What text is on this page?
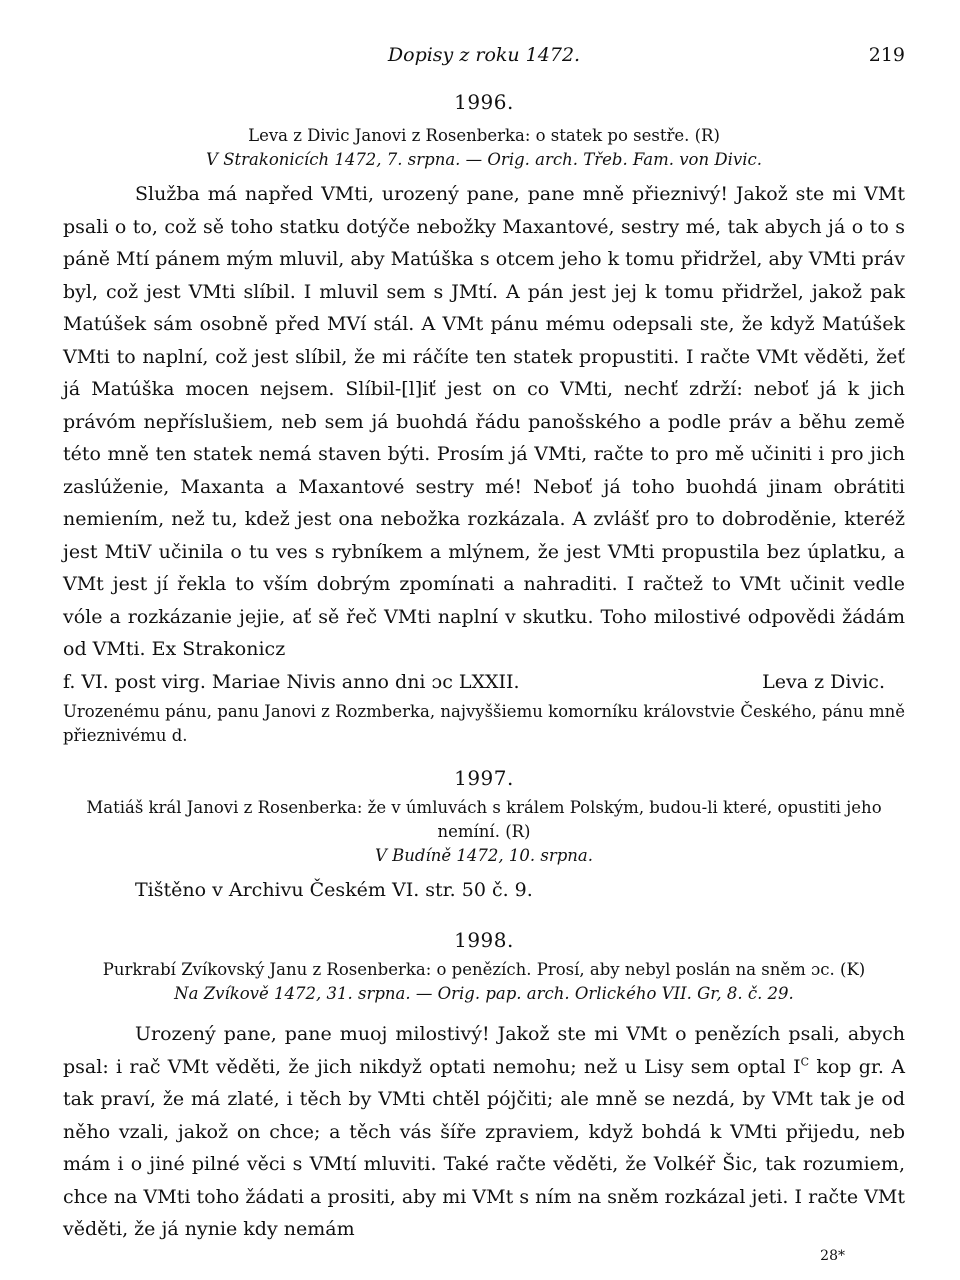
Dopisy z roku 1472.	219
1996.
Leva z Divic Janovi z Rosenberka: o statek po sestře. (R)
V Strakonicích 1472, 7. srpna. — Orig. arch. Třeb. Fam. von Divic.

Služba má napřed VMti, urozený pane, pane mně přieznivý! Jakož ste mi VMt psali o to, což sě toho statku dotýče nebožky Maxantové, sestry mé, tak abych já o to s páně Mtí pánem mým mluvil, aby Matúška s otcem jeho k tomu přidržel, aby VMti práv byl, což jest VMti slíbil. I mluvil sem s JMtí. A pán jest jej k tomu přidržel, jakož pak Matúšek sám osobně před MVí stál. A VMt pánu mému odepsali ste, že když Matúšek VMti to naplní, což jest slíbil, že mi ráčíte ten statek propustiti. I račte VMt věděti, žeť já Matúška mocen nejsem. Slíbil-[l]iť jest on co VMti, nechť zdrží: neboť já k jich právóm nepříslušiem, neb sem já buohdá řádu panošského a podle práv a běhu země této mně ten statek nemá staven býti. Prosím já VMti, račte to pro mě učiniti i pro jich zaslúženie, Maxanta a Maxantové sestry mé! Neboť já toho buohdá jinam obrátiti nemiením, než tu, kdež jest ona nebožka rozkázala. A zvlášť pro to dobroděnie, kteréž jest MtiV učinila o tu ves s rybníkem a mlýnem, že jest VMti propustila bez úplatku, a VMt jest jí řekla to vším dobrým zpomínati a nahraditi. I račtež to VMt učinit vedle vóle a rozkázanie jejie, ať sě řeč VMti naplní v skutku. Toho milostivé odpovědi žádám od VMti. Ex Strakonicz

f. VI. post virg. Mariae Nivis anno dni ɔc LXXII.	Leva z Divic.
Urozenému pánu, panu Janovi z Rozmberka, najvyššiemu komorníku královstvie Českého, pánu mně přieznivému d.
1997.
Matiáš král Janovi z Rosenberka: že v úmluvách s králem Polským, budou-li které, opustiti jeho nemíní. (R)
V Budíně 1472, 10. srpna.
Tištěno v Archivu Českém VI. str. 50 č. 9.
1998.
Purkrabí Zvíkovský Janu z Rosenberka: o penězích. Prosí, aby nebyl poslán na sněm ɔc. (K)
Na Zvíkově 1472, 31. srpna. — Orig. pap. arch. Orlického VII. Gr, 8. č. 29.

Urozený pane, pane muoj milostivý! Jakož ste mi VMt o penězích psali, abych psal: i rač VMt věděti, že jich nikdyž optati nemohu; než u Lisy sem optal $I^C$ kop gr. A tak praví, že má zlaté, i těch by VMti chtěl pójčiti; ale mně se nezdá, by VMt tak je od něho vzali, jakož on chce; a těch vás šíře zpraviem, když bohdá k VMti přijedu, neb mám i o jiné pilné věci s VMtí mluviti. Také račte věděti, že Volkéř Šic, tak rozumiem, chce na VMti toho žádati a prositi, aby mi VMt s ním na sněm rozkázal jeti. I račte VMt věděti, že já nynie kdy nemám

28*
